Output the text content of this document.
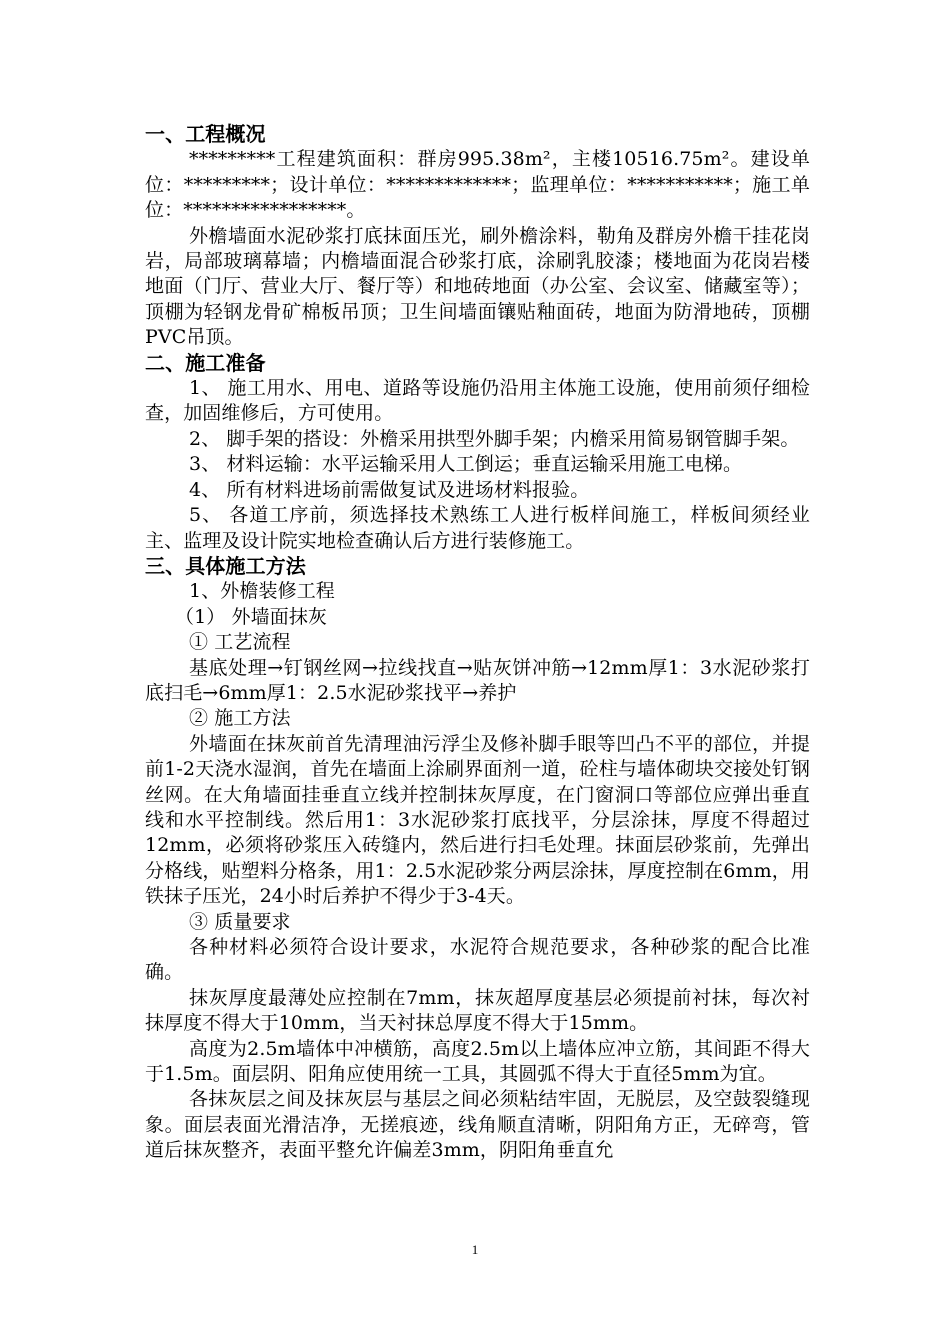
一、工程概况

*********工程建筑面积：群房995.38m²，主楼10516.75m²。建设单位：*********；设计单位：*************；监理单位：***********；施工单位：*****************。

外檐墙面水泥砂浆打底抹面压光，刷外檐涂料，勒角及群房外檐干挂花岗岩，局部玻璃幕墙；内檐墙面混合砂浆打底，涂刷乳胶漆；楼地面为花岗岩楼地面（门厅、营业大厅、餐厅等）和地砖地面（办公室、会议室、储藏室等）；顶棚为轻钢龙骨矿棉板吊顶；卫生间墙面镶贴釉面砖，地面为防滑地砖，顶棚PVC吊顶。

二、施工准备

1、 施工用水、用电、道路等设施仍沿用主体施工设施，使用前须仔细检查，加固维修后，方可使用。

2、 脚手架的搭设：外檐采用拱型外脚手架；内檐采用简易钢管脚手架。

3、 材料运输：水平运输采用人工倒运；垂直运输采用施工电梯。

4、 所有材料进场前需做复试及进场材料报验。

5、 各道工序前，须选择技术熟练工人进行板样间施工，样板间须经业主、监理及设计院实地检查确认后方进行装修施工。

三、具体施工方法

1、外檐装修工程

（1） 外墙面抹灰

① 工艺流程

基底处理→钉钢丝网→拉线找直→贴灰饼冲筋→12mm厚1：3水泥砂浆打底扫毛→6mm厚1：2.5水泥砂浆找平→养护

② 施工方法

外墙面在抹灰前首先清理油污浮尘及修补脚手眼等凹凸不平的部位，并提前1-2天浇水湿润，首先在墙面上涂刷界面剂一道，砼柱与墙体砌块交接处钉钢丝网。在大角墙面挂垂直立线并控制抹灰厚度，在门窗洞口等部位应弹出垂直线和水平控制线。然后用1：3水泥砂浆打底找平，分层涂抹，厚度不得超过12mm，必须将砂浆压入砖缝内，然后进行扫毛处理。抹面层砂浆前，先弹出分格线，贴塑料分格条，用1：2.5水泥砂浆分两层涂抹，厚度控制在6mm，用铁抹子压光，24小时后养护不得少于3-4天。

③ 质量要求

各种材料必须符合设计要求，水泥符合规范要求，各种砂浆的配合比准确。

抹灰厚度最薄处应控制在7mm，抹灰超厚度基层必须提前衬抹，每次衬抹厚度不得大于10mm，当天衬抹总厚度不得大于15mm。

高度为2.5m墙体中冲横筋，高度2.5m以上墙体应冲立筋，其间距不得大于1.5m。面层阴、阳角应使用统一工具，其圆弧不得大于直径5mm为宜。

各抹灰层之间及抹灰层与基层之间必须粘结牢固，无脱层，及空鼓裂缝现象。面层表面光滑洁净，无搓痕迹，线角顺直清晰，阴阳角方正，无碎弯，管道后抹灰整齐，表面平整允许偏差3mm，阴阳角垂直允

1
